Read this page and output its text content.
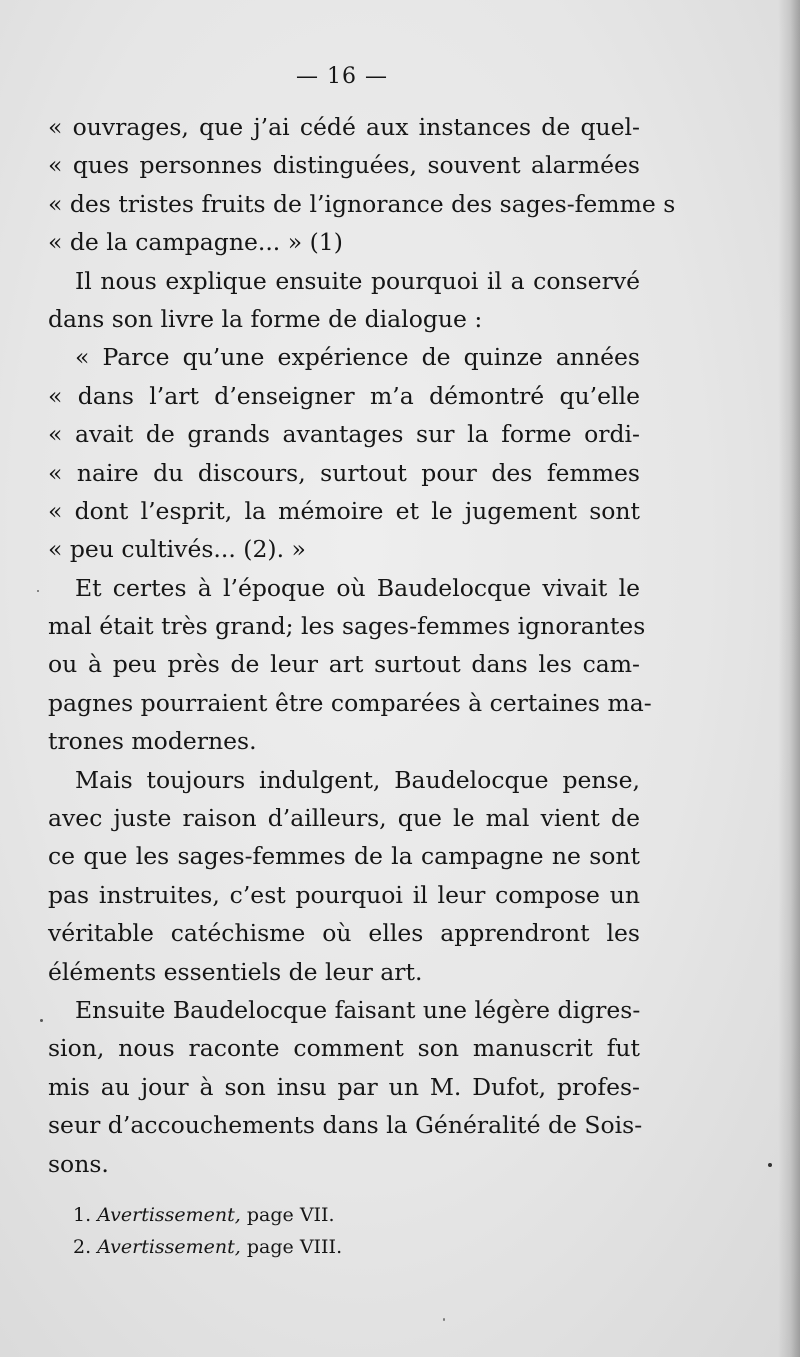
— 16 —
« ouvrages, que j’ai cédé aux instances de quel-
« ques personnes distinguées, souvent alarmées
« des tristes fruits de l’ignorance des sages-femme s
« de la campagne... » (1)
Il nous explique ensuite pourquoi il a conservé
dans son livre la forme de dialogue :
« Parce qu’une expérience de quinze années
« dans l’art d’enseigner m’a démontré qu’elle
« avait de grands avantages sur la forme ordi-
« naire du discours, surtout pour des femmes
« dont l’esprit, la mémoire et le jugement sont
« peu cultivés... (2). »
Et certes à l’époque où Baudelocque vivait le
mal était très grand; les sages-femmes ignorantes
ou à peu près de leur art surtout dans les cam-
pagnes pourraient être comparées à certaines ma-
trones modernes.
Mais toujours indulgent, Baudelocque pense,
avec juste raison d’ailleurs, que le mal vient de
ce que les sages-femmes de la campagne ne sont
pas instruites, c’est pourquoi il leur compose un
véritable catéchisme où elles apprendront les
éléments essentiels de leur art.
Ensuite Baudelocque faisant une légère digres-
sion, nous raconte comment son manuscrit fut
mis au jour à son insu par un M. Dufot, profes-
seur d’accouchements dans la Généralité de Sois-
sons.
1. Avertissement, page VII.
2. Avertissement, page VIII.
